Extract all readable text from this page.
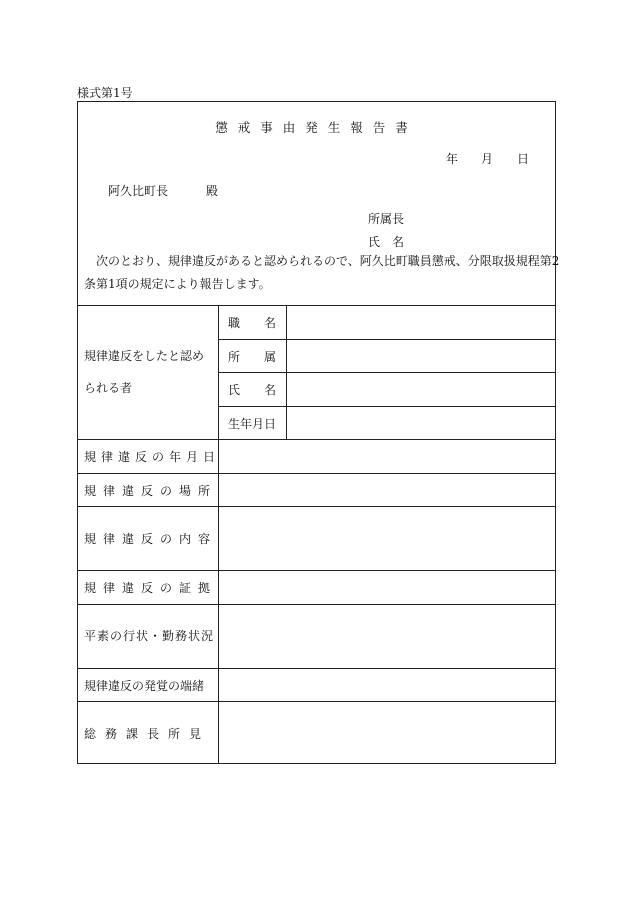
様式第1号
懲戒事由発生報告書
年 月 日
阿久比町長	殿
所属長
氏　名
次のとおり、規律違反があると認められるので、阿久比町職員懲戒、分限取扱規程第2
条第1項の規定により報告します。
規律違反をしたと認め
られる者
職 名
所 属
氏 名
生 年 月 日
規律違反の年月日
規律違反の場所
規律違反の内容
規律違反の証拠
平素の行状・勤務状況
規律違反の発覚の端緒
総務課長所見
